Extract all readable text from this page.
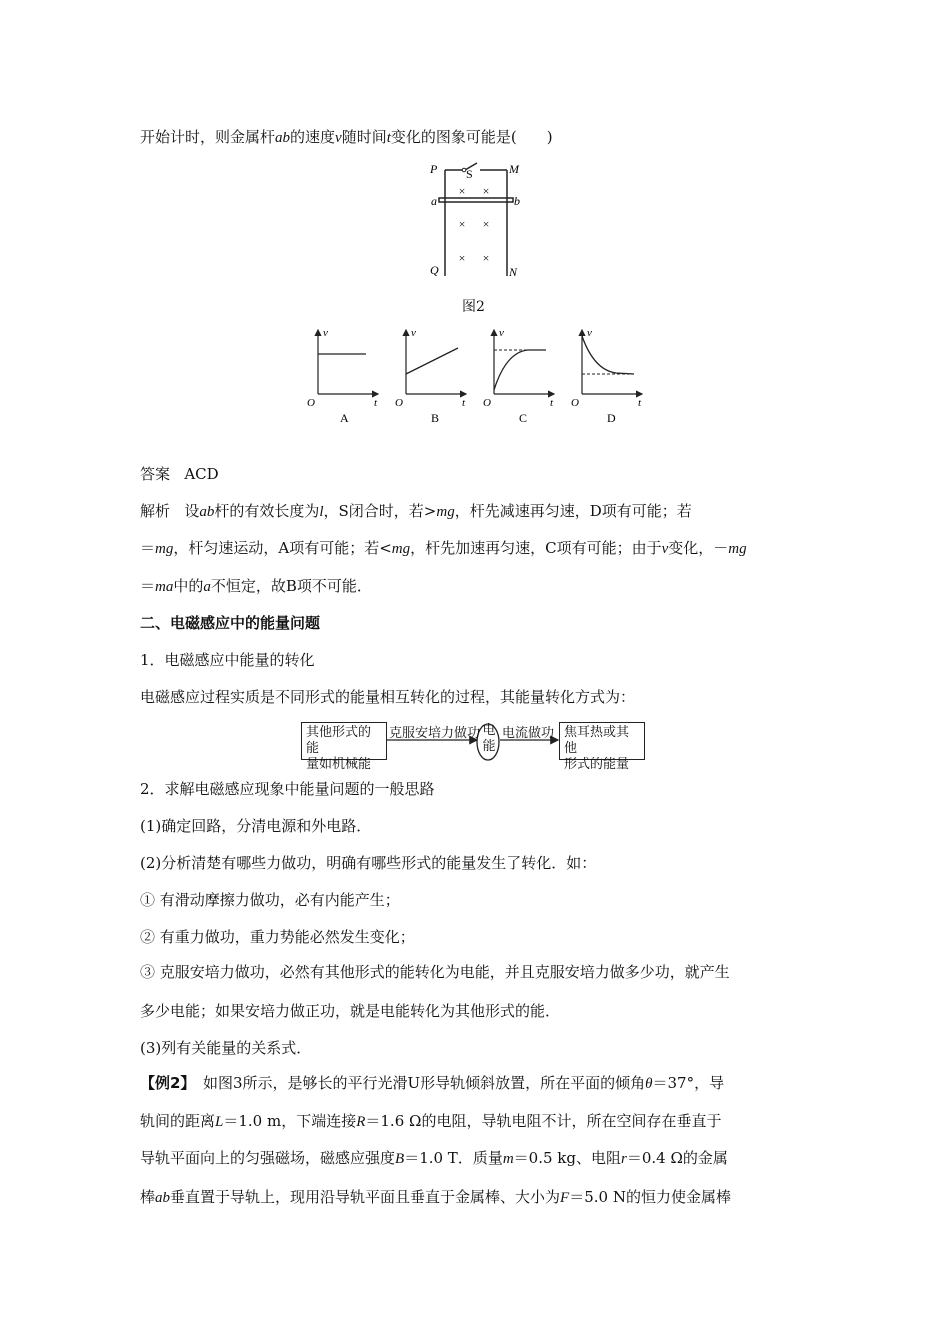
开始计时，则金属杆ab的速度v随时间t变化的图象可能是(　　)
P S	M
a	b
Q	N
× ×
× ×
× ×
图2
v
t
O
A
v
t
O
B
v
t
O
C
v
t
O
D
答案 ACD
解析 设ab杆的有效长度为l，S闭合时，若>mg，杆先减速再匀速，D项有可能；若
＝mg，杆匀速运动，A项有可能；若<mg，杆先加速再匀速，C项有可能；由于v变化，－mg
＝ma中的a不恒定，故B项不可能．
二、电磁感应中的能量问题
1．电磁感应中能量的转化
电磁感应过程实质是不同形式的能量相互转化的过程，其能量转化方式为：
其他形式的能
量如机械能
克服安培力做功 电
能
电流做功 焦耳热或其他
形式的能量
2．求解电磁感应现象中能量问题的一般思路
(1)确定回路，分清电源和外电路．
(2)分析清楚有哪些力做功，明确有哪些形式的能量发生了转化．如：
① 有滑动摩擦力做功，必有内能产生；
② 有重力做功，重力势能必然发生变化；
③ 克服安培力做功，必然有其他形式的能转化为电能，并且克服安培力做多少功，就产生
多少电能；如果安培力做正功，就是电能转化为其他形式的能．
(3)列有关能量的关系式．
【例2】　如图3所示，是够长的平行光滑U形导轨倾斜放置，所在平面的倾角θ＝37°，导
轨间的距离L＝1.0 m，下端连接R＝1.6 Ω的电阻，导轨电阻不计，所在空间存在垂直于
导轨平面向上的匀强磁场，磁感应强度B＝1.0 T．质量m＝0.5 kg、电阻r＝0.4 Ω的金属
棒ab垂直置于导轨上，现用沿导轨平面且垂直于金属棒、大小为F＝5.0 N的恒力使金属棒
